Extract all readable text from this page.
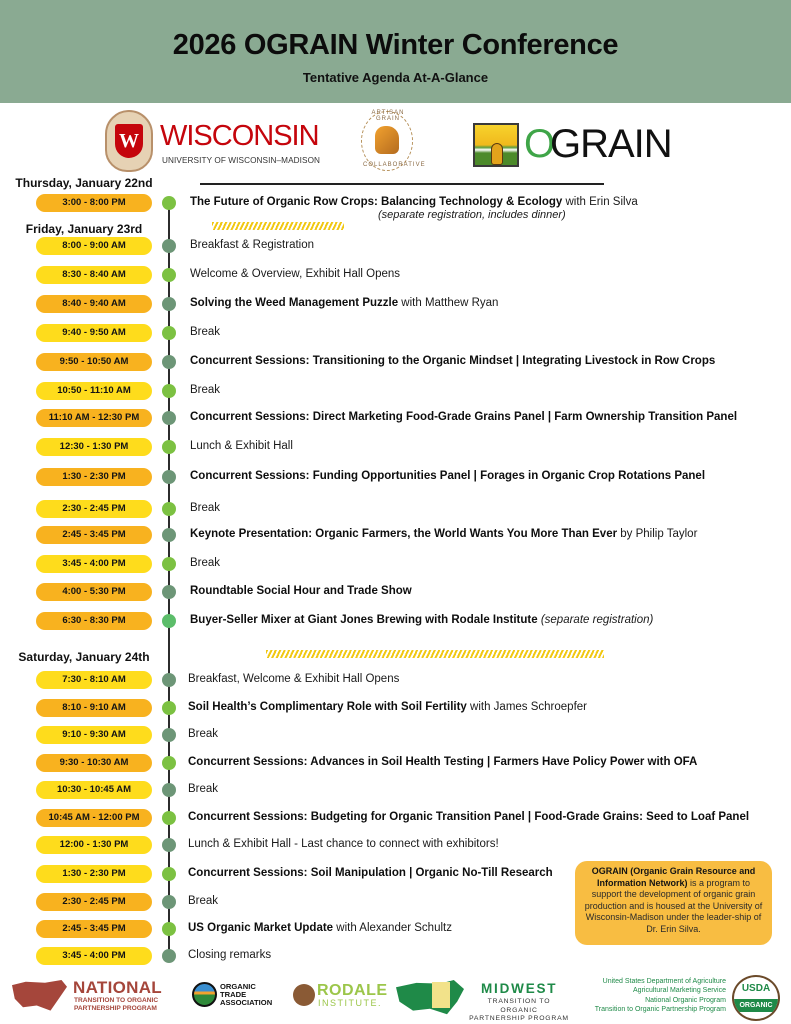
2026 OGRAIN Winter Conference
Tentative Agenda At-A-Glance
W WISCONSIN
UNIVERSITY OF WISCONSIN–MADISON
ARTISAN GRAIN
COLLABORATIVE O
GRAIN
Thursday, January 22nd
Friday, January 23rd
Saturday, January 24th
3:00 - 8:00 PM	The Future of Organic Row Crops: Balancing Technology & Ecology with Erin Silva
8:00 - 9:00 AM	Breakfast & Registration
8:30 - 8:40 AM	Welcome & Overview, Exhibit Hall Opens
8:40 - 9:40 AM	Solving the Weed Management Puzzle with Matthew Ryan
9:40 - 9:50 AM	Break
9:50 - 10:50 AM	Concurrent Sessions: Transitioning to the Organic Mindset | Integrating Livestock in Row Crops
10:50 - 11:10 AM	Break
11:10 AM - 12:30 PM	Concurrent Sessions: Direct Marketing Food-Grade Grains Panel | Farm Ownership Transition Panel
12:30 - 1:30 PM	Lunch & Exhibit Hall
1:30 - 2:30 PM	Concurrent Sessions: Funding Opportunities Panel | Forages in Organic Crop Rotations Panel
2:30 - 2:45 PM	Break
2:45 - 3:45 PM	Keynote Presentation: Organic Farmers, the World Wants You More Than Ever by Philip Taylor
3:45 - 4:00 PM	Break
4:00 - 5:30 PM	Roundtable Social Hour and Trade Show
6:30 - 8:30 PM	Buyer-Seller Mixer at Giant Jones Brewing with Rodale Institute (separate registration)
7:30 - 8:10 AM	Breakfast, Welcome & Exhibit Hall Opens
8:10 - 9:10 AM	Soil Health’s Complimentary Role with Soil Fertility with James Schroepfer
9:10 - 9:30 AM	Break
9:30 - 10:30 AM	Concurrent Sessions: Advances in Soil Health Testing | Farmers Have Policy Power with OFA
10:30 - 10:45 AM	Break
10:45 AM - 12:00 PM	Concurrent Sessions: Budgeting for Organic Transition Panel | Food-Grade Grains: Seed to Loaf Panel
12:00 - 1:30 PM	Lunch & Exhibit Hall - Last chance to connect with exhibitors!
1:30 - 2:30 PM	Concurrent Sessions: Soil Manipulation | Organic No-Till Research
2:30 - 2:45 PM	Break
2:45 - 3:45 PM	US Organic Market Update with Alexander Schultz
3:45 - 4:00 PM	Closing remarks
(separate registration, includes dinner)
OGRAIN (Organic Grain Resource and Information Network) is a program to support the development of organic grain production and is housed at the University of Wisconsin-Madison under the leader-ship of Dr. Erin Silva.
NATIONAL
TRANSITION TO ORGANIC
PARTNERSHIP PROGRAM
ORGANIC
TRADE
ASSOCIATION
RODALE
INSTITUTE.
MIDWEST
TRANSITION TO ORGANIC
PARTNERSHIP PROGRAM
United States Department of Agriculture
Agricultural Marketing Service
National Organic Program
Transition to Organic Partnership Program
USDA
ORGANIC
